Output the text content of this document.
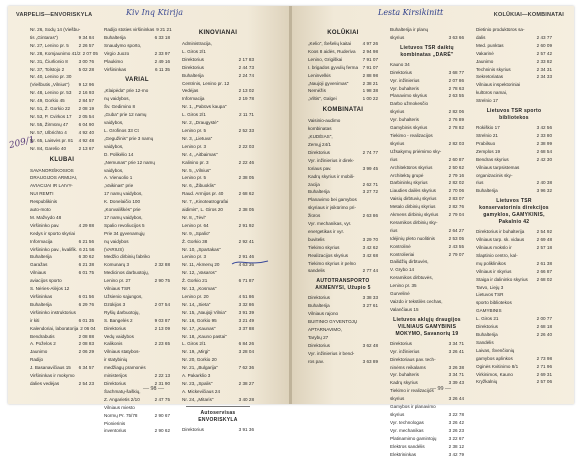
VARPELIS—ENVORISKYLA	Kiv Inq Ktirija
209/1
Nr. 26, Sodų 14 (Viešbu-
tis „Gintaras")	9 34 84
Nr. 27, Lenino pr. 5 2 26 57
Nr. 28, Komjaunimo 41/2 2 07 05
Nr. 31, Čiurlionio 8 3 00 76
Nr. 37, Tolstojo 2	5 02 28
Nr. 40, Lenino pr. 30
(Viešbutis „Vilnius") 9 12 96
Nr. 48, Lenino pr. 53 2 16 93
Nr. 49, Gorkio 45	2 84 57
Nr. 51, Ž. Gorkio 22 2 08 19
Nr. 53, P. Cvirkos 17 2 05 54
Nr. 55, Žirmūnų 47 6 04 90
Nr. 57, Ulbrichto 4	4 92 40
Nr. 65, Laisvės pr. 81 4 92 48
Nr. 84, Garelio 40	2 13 67
KLUBAI
SAVANORIŠKOSIOS
DRAUGIJOS ARMIJAI,
AVIACIJAI IR LAIVY-
NUI REMTI
Respublikinis
auto-moto
M. Mažvydo 48
Viršininko pav.	4 29 88
Kedys ir sporto skyriai
Informacija	6 21 56
Viršininko pav., kvalifik. 6 21 56
Buhalterija	6 30 62
Garažas	6 21 38
Vilniaus	6 01 75
aviacijos sporto
S. Nėries-Alėjos 12
Viršininkas	6 01 56
Buhalterija	6 29 76
Viršininko instruktorius
ir kiti	6 01 35
Kalendoriai, laboratorija 2 06 04
Bendrabutis	2 08 88
A. Poželos 2	2 08 83
Jaunimo	2 06 29
Radijo
J. Basanavičiaus 15 6 34 57
Viršininkas ir mokymo
dalies vedėjas	2 54 23
Radijo stoties viršininkas 9 21 21
Buhalterija	6 33 18
Snaudymo sporto,
Virgio Juozo	2 33 97
Plaukimo	2 49 16
Viršininkas	6 11 35
VARIAL
„Klaipėda" prie 12-mo
nų vaidybos,
Šv. Gedimino 8
„Guba" prie 12 namų
vaidybos,
L. Grofinos 33 Ct
„Gegužinis" prie 3 namų
vaidybos,
D. Polikėlio 14
„Nemunas" prie 12 namų
vaidybos,
A. Vienuolio 1
„Vaikinas" prie
17 namų vaidybos,
K. Donelaičio 100
„Konvališkės" prie
17 namų vaidybos,
Spalio revoliucijos 5
Prie 34 gyvenamųjų
nų vaidybos
(VARIUS)
Medžio dirbinių fabriko
Komunarų 3	2 32 88
Medicinos darbuotojų,
Lenino pr. 27	2 90 75
Vilniaus TSR
Užsienio sąjungos,
Dzūkijos 3	2 07 54
Ryšių darbuotojų,
S. Bangelės 2	9 03 87
Direktorius	2 13 09
Vedų vaidybos
Kalikonis	2 23 65
Vilniaus statybos-
ir statybinių
medžiagų pramonės
ministerijos	2 22 13
Direktorius	2 31 90
Šachmatų-šaškių,
Z. Angarietis 2/10	2 47 75
Vilniaus miesto
Normų Pr. 75/78	2 90 67
Pionierinis
inventorius	2 90 62
KINOVIANAI
Administracija,
L. Giros 2/1
Direktorius	2 17 83
Direktorius	2 44 73
Buhalterija	2 24 74
Centrinis, Lenino pr. 12
Vedėjas	2 13 02
Informacija	2 19 78
Nr. 1, „Pabūvs kaupa"
L. Giros 2/1	2 11 71
Nr. 2, „Draugystė"
Lenino pr. 5	2 52 33
Nr. 3, „Lietuva"
Lenino pr. 3	2 22 03
Nr. 4, „Aitbaimas"
Kalinino pr. 3	2 22 46
Nr. 5, „Vilnius"
Lenino pr. 5	2 38 05
Nr. 6, „Žibuoklis"
Raud. Armijos pr. 40	2 68 62
Nr. 7, „Kinoteatrografai
aidimis", L. Giros 20	2 38 05
Nr. 8, „Tėvi"
Lenino pr. 64	2 91 92
Nr. 9, „Spalio"
Ž. Gorkio 38	2 92 41
Nr. 10, „Spartakas"
Lenino pr. 3	2 91 46
Nr. 11, Akmenų 20	4 63 36
Nr. 12, „Vasaros"
Ž. Gorkio 21	6 71 87
Nr. 13, „Kosmas"
Lenino pr. 20	4 51 86
Nr. 14, „Sieta"	3 32 86
Nr. 15, „Naujoji Vilnia"	3 91 39
Nr. 16, Gorkio 95	3 21 49
Nr. 17, „Kaunas"	3 37 88
Nr. 18, „Kauno pastai"
L. Giros 2/1	6 84 26
Nr. 19, „Mirgi"	3 28 04
Nr. 20, Gorkio 20
Nr. 21, „Bulgarija"	7 62 36
A. Pakarklio 3
Nr. 23, „Spalis"	2 38 27
A. Mickevičiaus 24
Nr. 24, „Mitaris"	3 40 28
Autoservisas ENVORISKYLA
Direktorius	3 91 36
— 98 —
KOLŪKIAI—KOMBINATAI
Lesta Kirsikinitt
KOLŪKIAI
„Kelio", Šešelių kaitai	4 97 26
Koos 8 aidės, Ruderiva 2 94 98
Lenino, Grigiškai	7 91 07
I. brigados gyvulių ferma 7 91 07
Leninvelkis	2 88 98
„Naujoji gyvenimas"	2 38 21
Nemėžis	1 98 38
„Viltis", Galgei	1 00 22
KOMBINATAI
Vaisinio-audimo
kombinatas
„KUDĖIAS",
Zemųj 24/1
Direktorius	2 74 77
Vyr. inžinierius ir direk-
toriaus pav.	3 99 45
Kadrų skyrius ir mobili-
zacija	2 62 71
Buhalterija	3 27 72
Planavimo bei gamybos
skyriaus ir įsikūrimo pri-
žiūros	2 63 86
Vyr. mechanikas, vyr.
energetikas ir vyr.
buvitelis	3 29 70
Tiekimo skyrius	3 42 62
Realizacijos skyrius	3 42 68
Tiekimo skyrius ir pelno
sandelis	2 77 44
AUTOTRANSPORTO AKMENYSI, Užupio 5
Direktorius	3 38 33
Buhalterija	3 27 61
Vilniaus rajono
BUITINIO GYVENTOJŲ
APTARNAVIMO,
Tarybų 27
Direktorius	3 62 48
Vyr. inžinierius ir bend-
ros pav.	3 63 89
Buhalterija ir planų
skyrius	3 63 66
Lietuvos TSR daiktų kombinatas „DARĖ"
Kauno 34
Direktorius	3 68 77
Vyr. inžinierius	2 07 86
Vyr. buhalteris	2 78 63
Planavimo skyrius	2 63 55
Darbo užmokesčio
skyrius	2 82 06
Vyr. buhalteris	2 76 89
Gamybinis skyrius	2 78 82
Tiekimo - realizacijos
skyrius	2 82 03
Užsakymų priėmimo sky-
rius	2 60 87
Architektūros skyrius	2 50 62
Architektų grupė	2 79 16
Darbininkų skyrius	2 82 02
Liaudies dailės skyrius	2 70 06
Vaisių dirbtuvių skyrius	2 83 07
Metalo dirbinių skyrius	2 82 76
Akmens dirbinių skyrius 2 79 04
Keramikos dirbinių sky-
rius	2 64 27
Idėjinių pleto nuolitinis	2 53 05
Kontrolinė	2 43 55
Kontrolieriai	2 79 07
Dailidžių dirbtuvės,
V. Grybo 14
Keramikos dirbtuvės,
Lenino pr. 35
Gurvelinė
Vaizdo ir tekstilės cechas,
Valančiaus 15
Lietuvos aklųjų draugijos VILNIAUS GAMYBINIS MOKYMO, Savanorių 19
Direktorius	3 34 71
Vyr. inžinierius	3 26 41
Direktoriaus pav. tech-
ninėms reikalams	3 26 38
Vyr. buhalteris	3 34 71
Kadrų skyrius	3 39 43
Tiekimo ir realizacijos
skyrius	3 26 44
Gamybos ir planavimo
skyrius	3 22 78
Vyr. technologas	3 26 42
Vyr. mechanikas	3 26 23
Platinamimo gamintojų	3 22 67
Elektros sandėlis	2 38 12
Elektrininkas	3 42 79
Dietinio produktūros sa-
dalis	2 43 77
Med. punktas	2 60 09
Vakarinė	2 57 42
Jaunimo	2 33 82
Techninis skyrius	2 34 31
Sekretoriatas	2 34 33
Vilniaus inspektoriniai
kultūros namai,
Strelnio 17
Lietuvos TSR sporto bibliotekos
Rokiškio 17	3 42 56
Strelnio 21	2 33 80
Prabilsuo	2 38 99
Zemplos 19	2 68 54
Bendras skyrius	2 42 30
Vilniaus tarpsistemas
organizacinis sky-
rius	2 40 38
Buhalterija	3 96 32
Lietuvos TSR konservatorinis direkcijos gamyklos, GAMYKINIS, Pakalnio 42
Direktorius ir buhalterija	2 54 92
Vilniaus tarp. sk. vidaus	2 69 48
Vilniaus mokslo ir	2 57 18
Slaptinio centro, kal-
mų poliklinikos	2 61 38
Vilniaus ir skyrius	2 66 87
Staiga ir dalininko skyrius 2 68 02
Tarvo, Liejų 3
Lietuvos TSR
sporto bibliotekos
GAMYBINIS
L. Giros 21	2 00 77
Direktorius	2 68 18
Buhalterija	2 26 40
Sandėlis
Laivas, Švenčionių
gamybos aplinkos	2 73 98
Oginės Kvitinimo 8/1	2 71 96
Virkinimos, Kauno	2 69 31
Kryžkalnių	2 57 06
— 99 —
